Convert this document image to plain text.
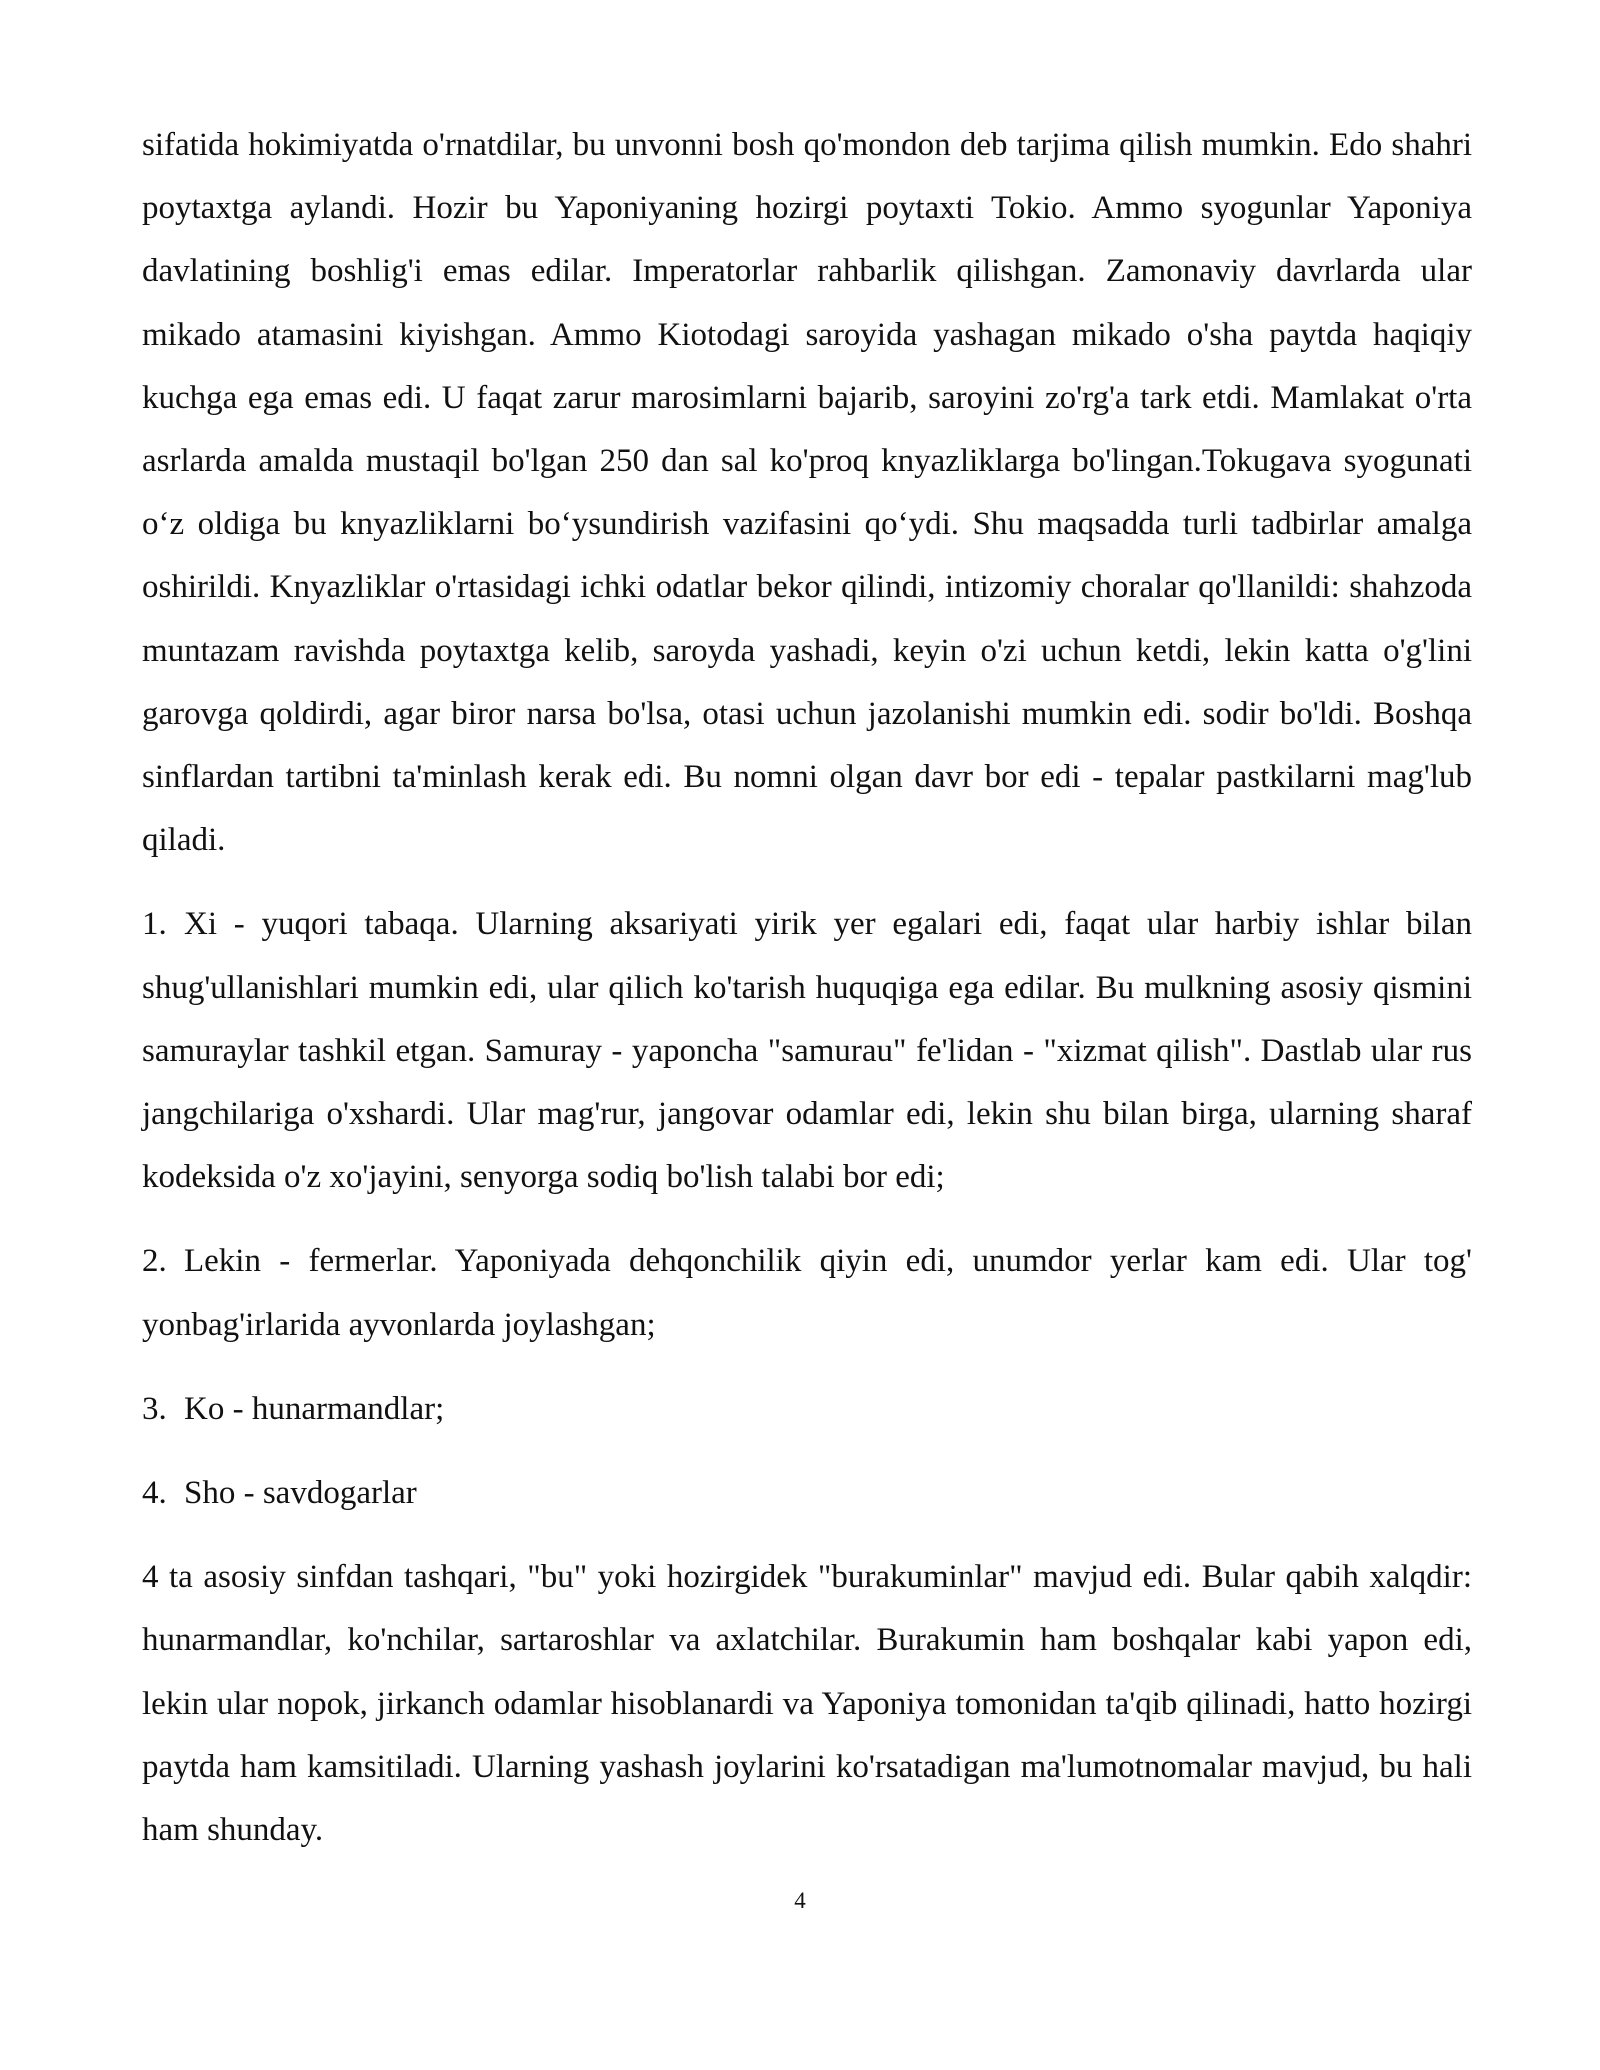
sifatida hokimiyatda o'rnatdilar, bu unvonni bosh qo'mondon deb tarjima qilish mumkin. Edo shahri poytaxtga aylandi. Hozir bu Yaponiyaning hozirgi poytaxti Tokio. Ammo syogunlar Yaponiya davlatining boshlig'i emas edilar. Imperatorlar rahbarlik qilishgan. Zamonaviy davrlarda ular mikado atamasini kiyishgan. Ammo Kiotodagi saroyida yashagan mikado o'sha paytda haqiqiy kuchga ega emas edi. U faqat zarur marosimlarni bajarib, saroyini zo'rg'a tark etdi. Mamlakat o'rta asrlarda amalda mustaqil bo'lgan 250 dan sal ko'proq knyazliklarga bo'lingan.Tokugava syogunati o‘z oldiga bu knyazliklarni bo‘ysundirish vazifasini qo‘ydi. Shu maqsadda turli tadbirlar amalga oshirildi. Knyazliklar o'rtasidagi ichki odatlar bekor qilindi, intizomiy choralar qo'llanildi: shahzoda muntazam ravishda poytaxtga kelib, saroyda yashadi, keyin o'zi uchun ketdi, lekin katta o'g'lini garovga qoldirdi, agar biror narsa bo'lsa, otasi uchun jazolanishi mumkin edi. sodir bo'ldi. Boshqa sinflardan tartibni ta'minlash kerak edi. Bu nomni olgan davr bor edi - tepalar pastkilarni mag'lub qiladi.

1. Xi - yuqori tabaqa. Ularning aksariyati yirik yer egalari edi, faqat ular harbiy ishlar bilan shug'ullanishlari mumkin edi, ular qilich ko'tarish huquqiga ega edilar. Bu mulkning asosiy qismini samuraylar tashkil etgan. Samuray - yaponcha "samurau" fe'lidan - "xizmat qilish". Dastlab ular rus jangchilariga o'xshardi. Ular mag'rur, jangovar odamlar edi, lekin shu bilan birga, ularning sharaf kodeksida o'z xo'jayini, senyorga sodiq bo'lish talabi bor edi;

2. Lekin - fermerlar. Yaponiyada dehqonchilik qiyin edi, unumdor yerlar kam edi. Ular tog' yonbag'irlarida ayvonlarda joylashgan;

3. Ko - hunarmandlar;

4. Sho - savdogarlar

4 ta asosiy sinfdan tashqari, "bu" yoki hozirgidek "burakuminlar" mavjud edi. Bular qabih xalqdir: hunarmandlar, ko'nchilar, sartaroshlar va axlatchilar. Burakumin ham boshqalar kabi yapon edi, lekin ular nopok, jirkanch odamlar hisoblanardi va Yaponiya tomonidan ta'qib qilinadi, hatto hozirgi paytda ham kamsitiladi. Ularning yashash joylarini ko'rsatadigan ma'lumotnomalar mavjud, bu hali ham shunday.

4
